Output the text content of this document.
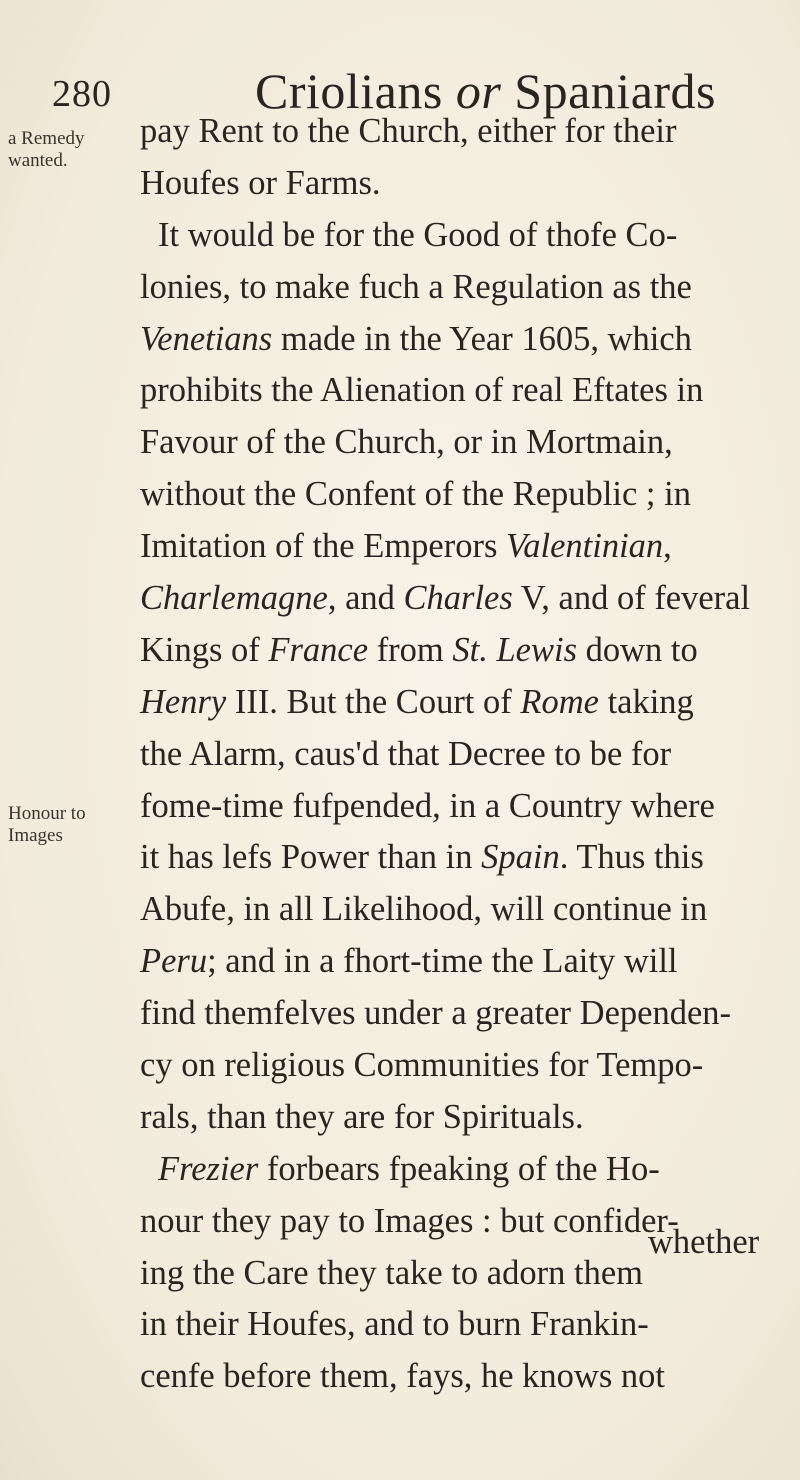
280	Criolians or Spaniards
a Remedy
wanted.
Honour to
Images
pay Rent to the Church, either for their
Houfes or Farms.
It would be for the Good of thofe Co-
lonies, to make fuch a Regulation as the
Venetians made in the Year 1605, which
prohibits the Alienation of real Eftates in
Favour of the Church, or in Mortmain,
without the Confent of the Republic ; in
Imitation of the Emperors Valentinian,
Charlemagne, and Charles V, and of feveral
Kings of France from St. Lewis down to
Henry III. But the Court of Rome taking
the Alarm, caus'd that Decree to be for
fome-time fufpended, in a Country where
it has lefs Power than in Spain. Thus this
Abufe, in all Likelihood, will continue in
Peru; and in a fhort-time the Laity will
find themfelves under a greater Dependen-
cy on religious Communities for Tempo-
rals, than they are for Spirituals.
Frezier forbears fpeaking of the Ho-
nour they pay to Images : but confider-
ing the Care they take to adorn them
in their Houfes, and to burn Frankin-
cenfe before them, fays, he knows not
whether
